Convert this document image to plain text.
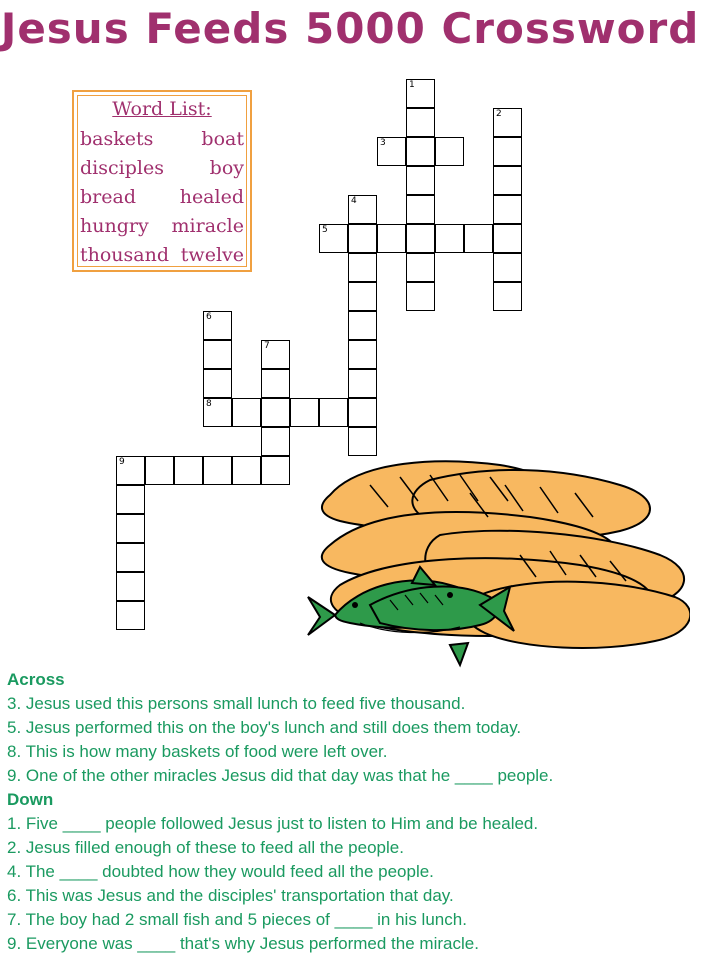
Jesus Feeds 5000 Crossword
Word List:
baskets	boat
disciples boy
bread healed
hungry miracle
thousand twelve
1
2
3
4
5
6
8
7
9
Across
3. Jesus used this persons small lunch to feed five thousand.
5. Jesus performed this on the boy's lunch and still does them today.
8. This is how many baskets of food were left over.
9. One of the other miracles Jesus did that day was that he ____ people.
Down
1. Five ____ people followed Jesus just to listen to Him and be healed.
2. Jesus filled enough of these to feed all the people.
4. The ____ doubted how they would feed all the people.
6. This was Jesus and the disciples' transportation that day.
7. The boy had 2 small fish and 5 pieces of ____ in his lunch.
9. Everyone was ____ that's why Jesus performed the miracle.
